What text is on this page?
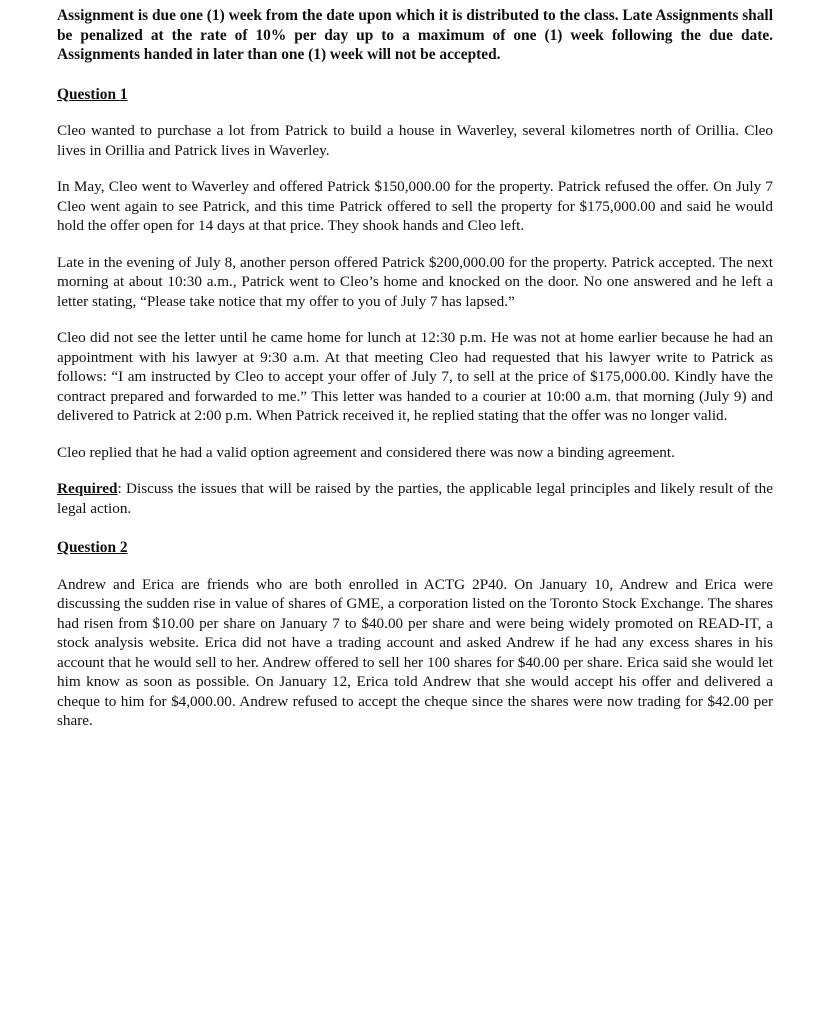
Assignment is due one (1) week from the date upon which it is distributed to the class. Late Assignments shall be penalized at the rate of 10% per day up to a maximum of one (1) week following the due date. Assignments handed in later than one (1) week will not be accepted.

Question 1

Cleo wanted to purchase a lot from Patrick to build a house in Waverley, several kilometres north of Orillia. Cleo lives in Orillia and Patrick lives in Waverley.

In May, Cleo went to Waverley and offered Patrick $150,000.00 for the property. Patrick refused the offer. On July 7 Cleo went again to see Patrick, and this time Patrick offered to sell the property for $175,000.00 and said he would hold the offer open for 14 days at that price. They shook hands and Cleo left.

Late in the evening of July 8, another person offered Patrick $200,000.00 for the property. Patrick accepted. The next morning at about 10:30 a.m., Patrick went to Cleo’s home and knocked on the door. No one answered and he left a letter stating, “Please take notice that my offer to you of July 7 has lapsed.”

Cleo did not see the letter until he came home for lunch at 12:30 p.m. He was not at home earlier because he had an appointment with his lawyer at 9:30 a.m. At that meeting Cleo had requested that his lawyer write to Patrick as follows: “I am instructed by Cleo to accept your offer of July 7, to sell at the price of $175,000.00. Kindly have the contract prepared and forwarded to me.” This letter was handed to a courier at 10:00 a.m. that morning (July 9) and delivered to Patrick at 2:00 p.m. When Patrick received it, he replied stating that the offer was no longer valid.

Cleo replied that he had a valid option agreement and considered there was now a binding agreement.

Required: Discuss the issues that will be raised by the parties, the applicable legal principles and likely result of the legal action.

Question 2

Andrew and Erica are friends who are both enrolled in ACTG 2P40. On January 10, Andrew and Erica were discussing the sudden rise in value of shares of GME, a corporation listed on the Toronto Stock Exchange. The shares had risen from $10.00 per share on January 7 to $40.00 per share and were being widely promoted on READ-IT, a stock analysis website. Erica did not have a trading account and asked Andrew if he had any excess shares in his account that he would sell to her. Andrew offered to sell her 100 shares for $40.00 per share. Erica said she would let him know as soon as possible. On January 12, Erica told Andrew that she would accept his offer and delivered a cheque to him for $4,000.00. Andrew refused to accept the cheque since the shares were now trading for $42.00 per share.
